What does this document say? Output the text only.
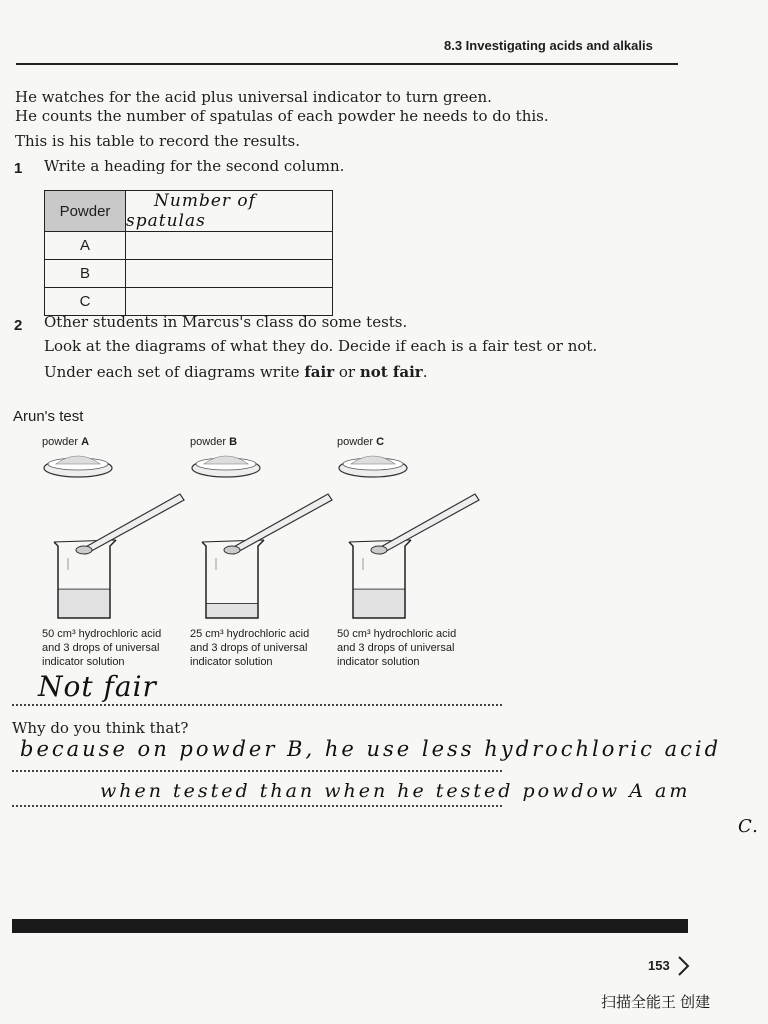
8.3 Investigating acids and alkalis
He watches for the acid plus universal indicator to turn green.
He counts the number of spatulas of each powder he needs to do this.
This is his table to record the results.
1 Write a heading for the second column.
Powder	Number of spatulas
A	
B	
C	
2 Other students in Marcus's class do some tests.
Look at the diagrams of what they do. Decide if each is a fair test or not.
Under each set of diagrams write fair or not fair.
Arun's test
powder A
50 cm³ hydrochloric acid
and 3 drops of universal
indicator solution
powder B
25 cm³ hydrochloric acid
and 3 drops of universal
indicator solution
powder C
50 cm³ hydrochloric acid
and 3 drops of universal
indicator solution
Not fair
Why do you think that?
because on powder B, he use less hydrochloric acid
when tested than when he tested powdow A am
C.
153
扫描全能王 创建
